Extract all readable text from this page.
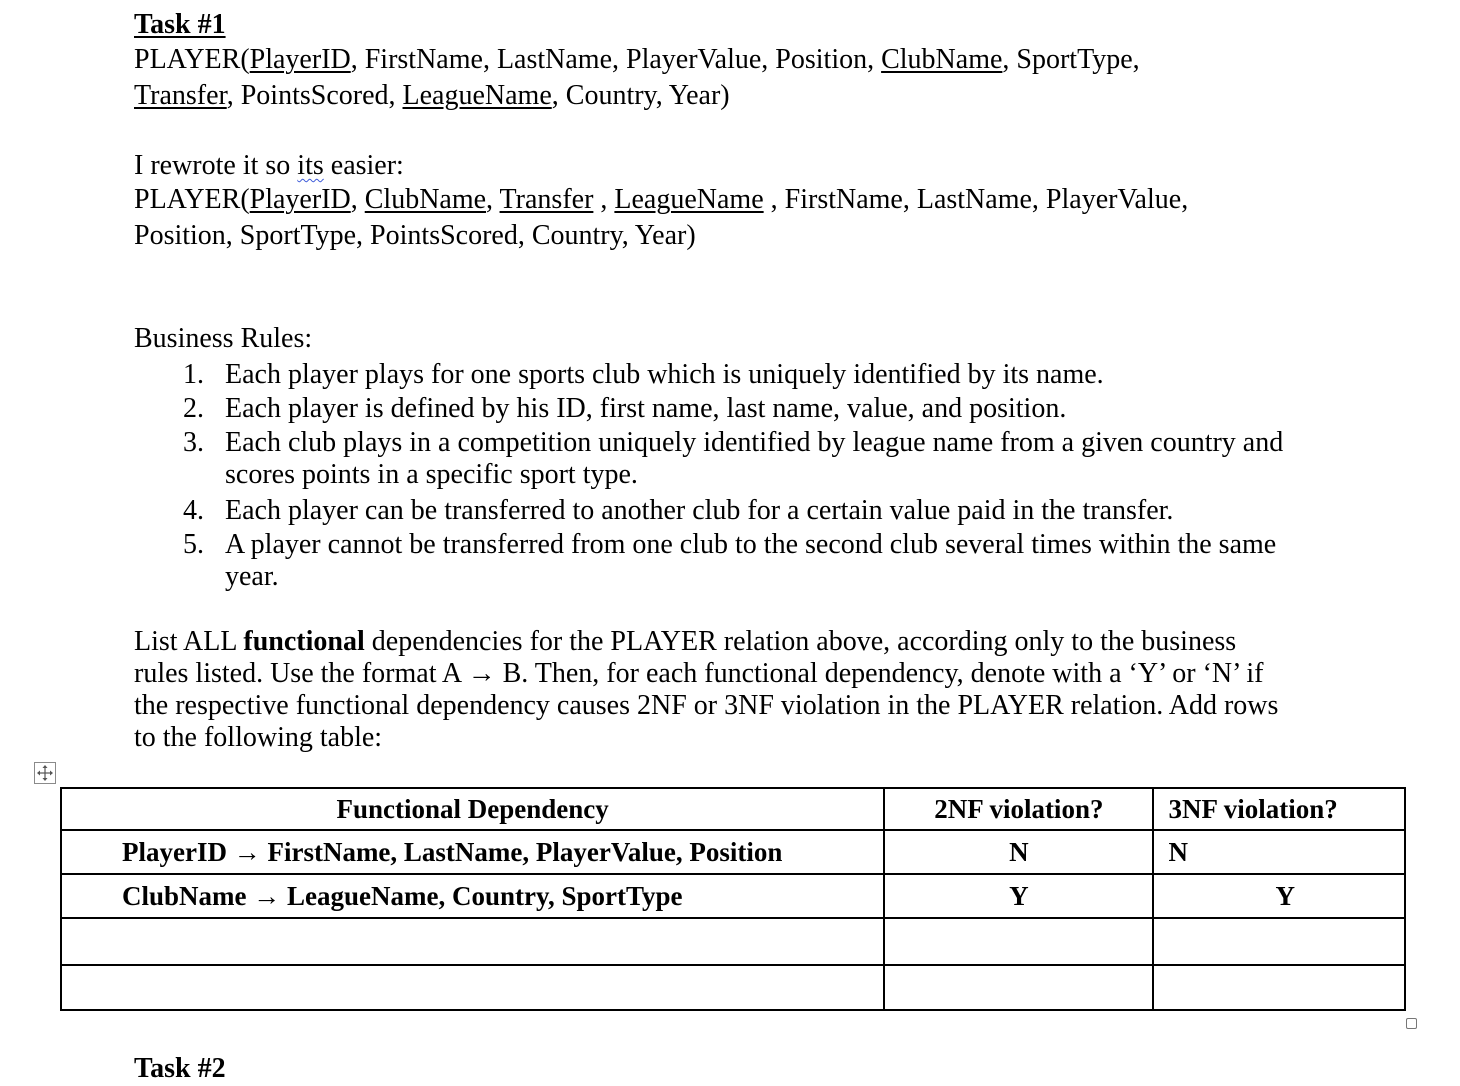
Task #1
PLAYER(PlayerID, FirstName, LastName, PlayerValue, Position, ClubName, SportType,
Transfer, PointsScored, LeagueName, Country, Year)
I rewrote it so its easier:
PLAYER(PlayerID, ClubName, Transfer , LeagueName , FirstName, LastName, PlayerValue,
Position, SportType, PointsScored, Country, Year)
Business Rules:
1. Each player plays for one sports club which is uniquely identified by its name.
2. Each player is defined by his ID, first name, last name, value, and position.
3. Each club plays in a competition uniquely identified by league name from a given country and
scores points in a specific sport type.
4. Each player can be transferred to another club for a certain value paid in the transfer.
5. A player cannot be transferred from one club to the second club several times within the same
year.
List ALL functional dependencies for the PLAYER relation above, according only to the business
rules listed. Use the format A → B. Then, for each functional dependency, denote with a ‘Y’ or ‘N’ if
the respective functional dependency causes 2NF or 3NF violation in the PLAYER relation. Add rows
to the following table:
Functional Dependency	2NF violation?	3NF violation?
PlayerID → FirstName, LastName, PlayerValue, Position	N	N
ClubName → LeagueName, Country, SportType	Y	Y

Task #2
